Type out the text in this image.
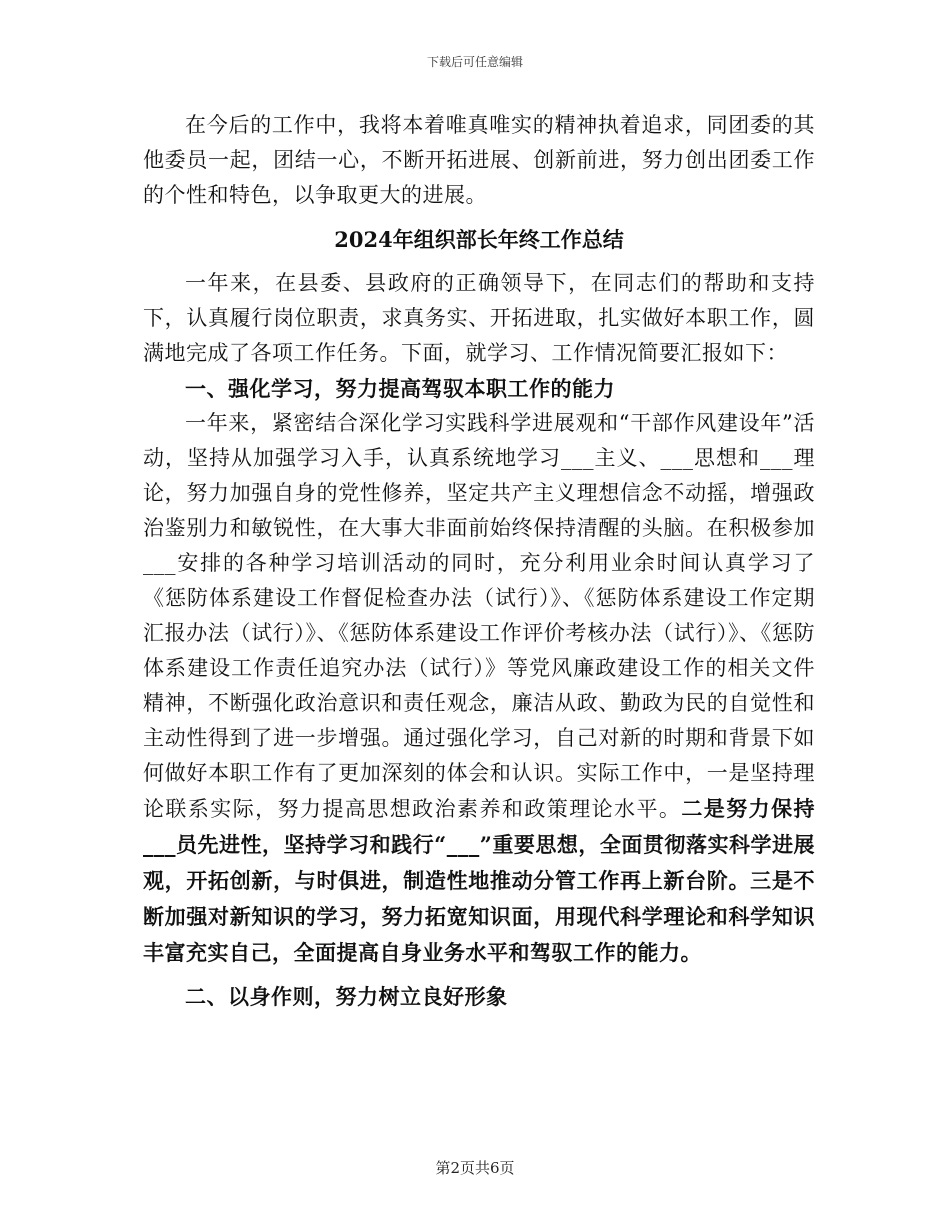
下载后可任意编辑

在今后的工作中，我将本着唯真唯实的精神执着追求，同团委的其他委员一起，团结一心，不断开拓进展、创新前进，努力创出团委工作的个性和特色，以争取更大的进展。

2024年组织部长年终工作总结

一年来，在县委、县政府的正确领导下，在同志们的帮助和支持下，认真履行岗位职责，求真务实、开拓进取，扎实做好本职工作，圆满地完成了各项工作任务。下面，就学习、工作情况简要汇报如下：

一、强化学习，努力提高驾驭本职工作的能力

一年来，紧密结合深化学习实践科学进展观和“干部作风建设年”活动，坚持从加强学习入手，认真系统地学习___主义、___思想和___理论，努力加强自身的党性修养，坚定共产主义理想信念不动摇，增强政治鉴别力和敏锐性，在大事大非面前始终保持清醒的头脑。在积极参加___安排的各种学习培训活动的同时，充分利用业余时间认真学习了《惩防体系建设工作督促检查办法（试行）》、《惩防体系建设工作定期汇报办法（试行）》、《惩防体系建设工作评价考核办法（试行）》、《惩防体系建设工作责任追究办法（试行）》等党风廉政建设工作的相关文件精神，不断强化政治意识和责任观念，廉洁从政、勤政为民的自觉性和主动性得到了进一步增强。通过强化学习，自己对新的时期和背景下如何做好本职工作有了更加深刻的体会和认识。实际工作中，一是坚持理论联系实际，努力提高思想政治素养和政策理论水平。二是努力保持___员先进性，坚持学习和践行“___”重要思想，全面贯彻落实科学进展观，开拓创新，与时俱进，制造性地推动分管工作再上新台阶。三是不断加强对新知识的学习，努力拓宽知识面，用现代科学理论和科学知识丰富充实自己，全面提高自身业务水平和驾驭工作的能力。

二、以身作则，努力树立良好形象

第2页共6页
